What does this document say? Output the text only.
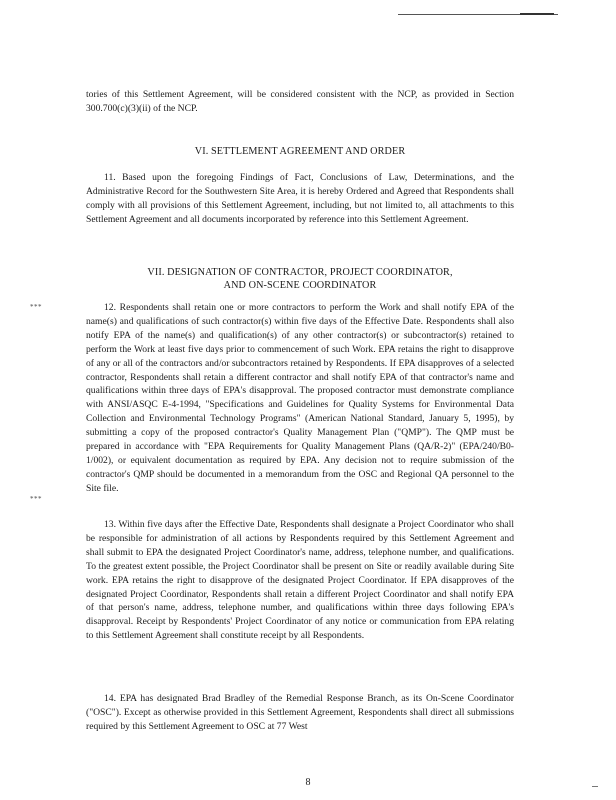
tories of this Settlement Agreement, will be considered consistent with the NCP, as provided in Section 300.700(c)(3)(ii) of the NCP.

VI. SETTLEMENT AGREEMENT AND ORDER

11. Based upon the foregoing Findings of Fact, Conclusions of Law, Determinations, and the Administrative Record for the Southwestern Site Area, it is hereby Ordered and Agreed that Respondents shall comply with all provisions of this Settlement Agreement, including, but not limited to, all attachments to this Settlement Agreement and all documents incorporated by reference into this Settlement Agreement.

VII. DESIGNATION OF CONTRACTOR, PROJECT COORDINATOR,

AND ON-SCENE COORDINATOR

***	12. Respondents shall retain one or more contractors to perform the Work and shall notify EPA of the name(s) and qualifications of such contractor(s) within five days of the Effective Date. Respondents shall also notify EPA of the name(s) and qualification(s) of any other contractor(s) or subcontractor(s) retained to perform the Work at least five days prior to commencement of such Work. EPA retains the right to disapprove of any or all of the contractors and/or subcontractors retained by Respondents. If EPA disapproves of a selected contractor, Respondents shall retain a different contractor and shall notify EPA of that contractor's name and qualifications within three days of EPA's disapproval. The proposed contractor must demonstrate compliance with ANSI/ASQC E-4-1994, "Specifications and Guidelines for Quality Systems for Environmental Data Collection and Environmental Technology Programs" (American National Standard, January 5, 1995), by submitting a copy of the proposed contractor's Quality Management Plan ("QMP"). The QMP must be prepared in accordance with "EPA Requirements for Quality Management Plans (QA/R-2)" (EPA/240/B0-1/002), or equivalent documentation as required by EPA. Any decision not to require submission of the contractor's QMP should be documented in a memorandum from the OSC and Regional QA personnel to the Site file.

***

13. Within five days after the Effective Date, Respondents shall designate a Project Coordinator who shall be responsible for administration of all actions by Respondents required by this Settlement Agreement and shall submit to EPA the designated Project Coordinator's name, address, telephone number, and qualifications. To the greatest extent possible, the Project Coordinator shall be present on Site or readily available during Site work. EPA retains the right to disapprove of the designated Project Coordinator. If EPA disapproves of the designated Project Coordinator, Respondents shall retain a different Project Coordinator and shall notify EPA of that person's name, address, telephone number, and qualifications within three days following EPA's disapproval. Receipt by Respondents' Project Coordinator of any notice or communication from EPA relating to this Settlement Agreement shall constitute receipt by all Respondents.

14. EPA has designated Brad Bradley of the Remedial Response Branch, as its On-Scene Coordinator ("OSC"). Except as otherwise provided in this Settlement Agreement, Respondents shall direct all submissions required by this Settlement Agreement to OSC at 77 West

8
